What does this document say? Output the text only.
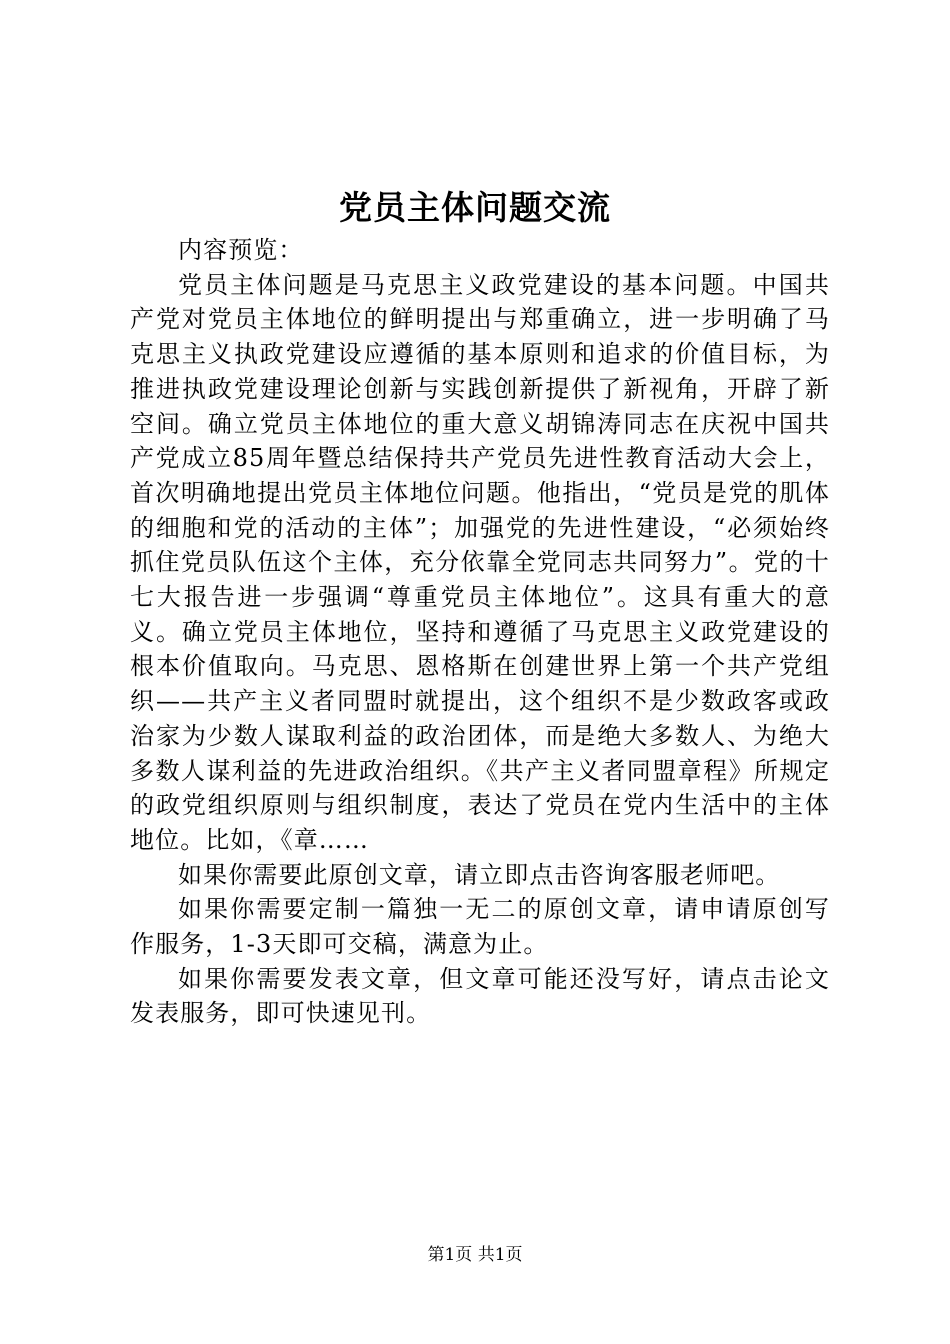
党员主体问题交流

内容预览：

党员主体问题是马克思主义政党建设的基本问题。中国共产党对党员主体地位的鲜明提出与郑重确立，进一步明确了马克思主义执政党建设应遵循的基本原则和追求的价值目标，为推进执政党建设理论创新与实践创新提供了新视角，开辟了新空间。确立党员主体地位的重大意义胡锦涛同志在庆祝中国共产党成立85周年暨总结保持共产党员先进性教育活动大会上，首次明确地提出党员主体地位问题。他指出，“党员是党的肌体的细胞和党的活动的主体”；加强党的先进性建设，“必须始终抓住党员队伍这个主体，充分依靠全党同志共同努力”。党的十七大报告进一步强调“尊重党员主体地位”。这具有重大的意义。确立党员主体地位，坚持和遵循了马克思主义政党建设的根本价值取向。马克思、恩格斯在创建世界上第一个共产党组织——共产主义者同盟时就提出，这个组织不是少数政客或政治家为少数人谋取利益的政治团体，而是绝大多数人、为绝大多数人谋利益的先进政治组织。《共产主义者同盟章程》所规定的政党组织原则与组织制度，表达了党员在党内生活中的主体地位。比如，《章……

如果你需要此原创文章，请立即点击咨询客服老师吧。

如果你需要定制一篇独一无二的原创文章，请申请原创写作服务，1-3天即可交稿，满意为止。

如果你需要发表文章，但文章可能还没写好，请点击论文发表服务，即可快速见刊。

第1页 共1页
